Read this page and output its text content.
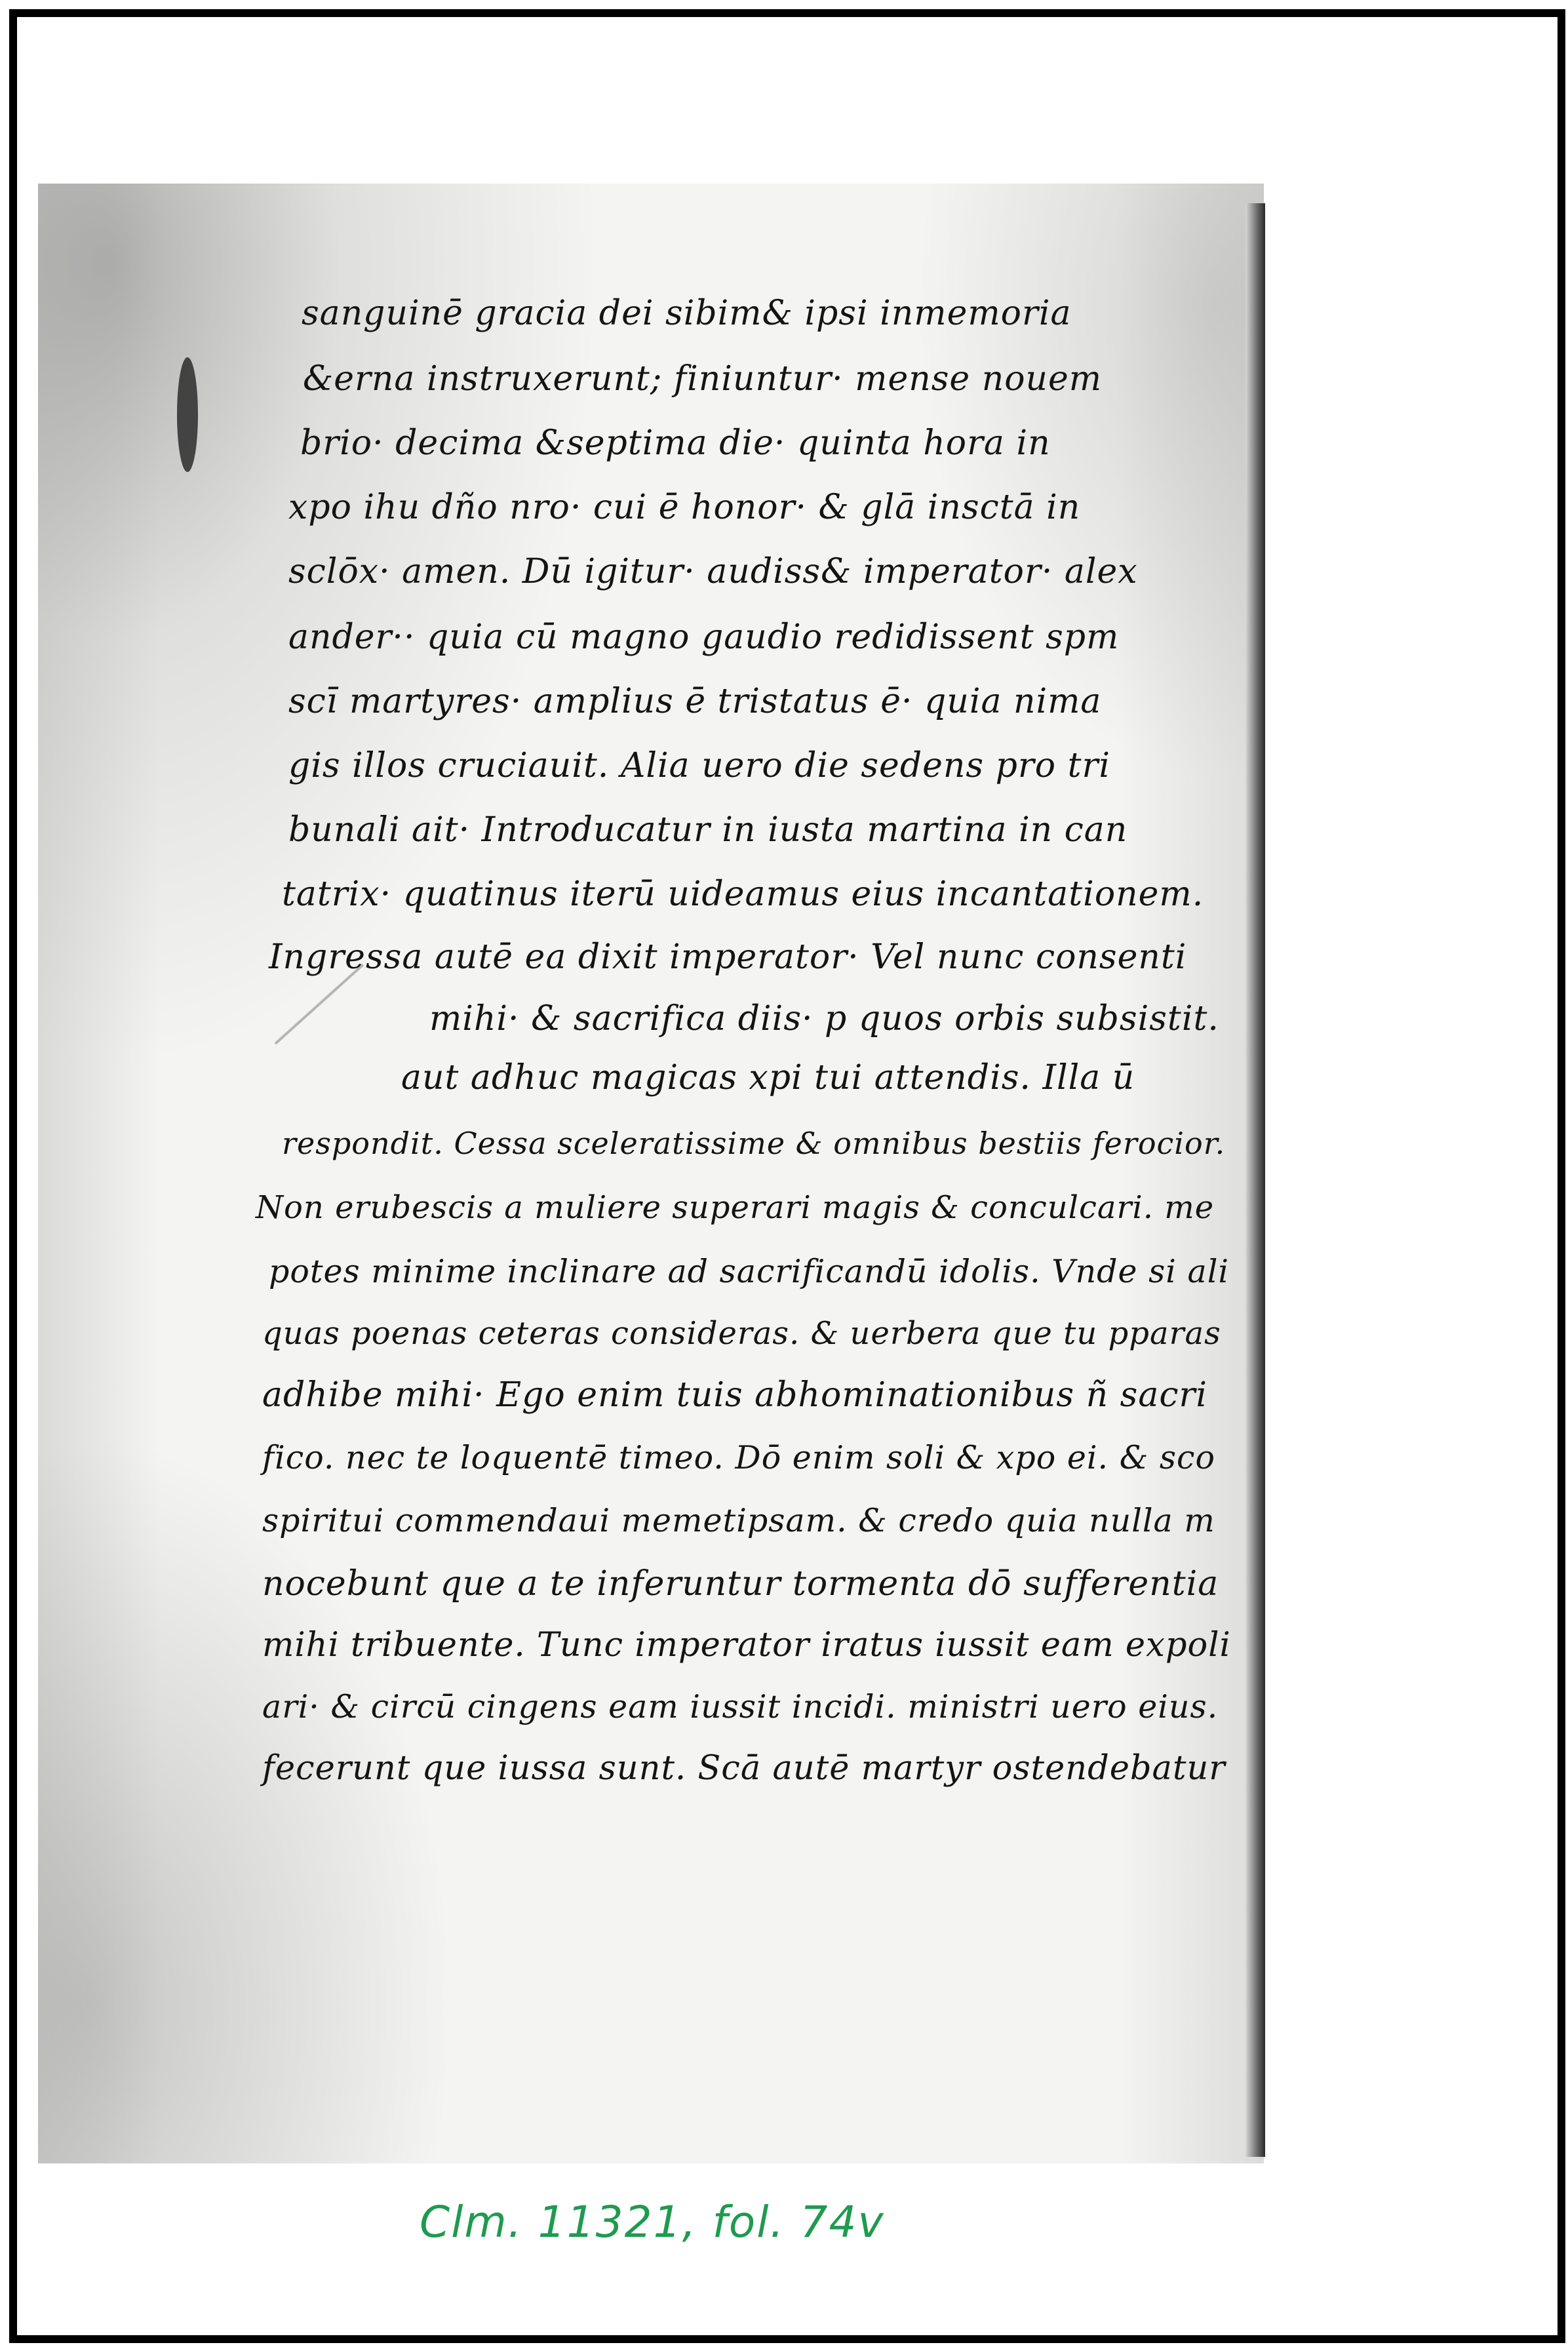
sanguinē gracia dei sibim& ipsi inmemoria
&erna instruxerunt; finiuntur· mense nouem
brio· decima &septima die· quinta hora in
xpo ihu dño nro· cui ē honor· & glā insctā in
sclōx· amen. Dū igitur· audiss& imperator· alex
ander·· quia cū magno gaudio redidissent spm
scī martyres· amplius ē tristatus ē· quia nima
gis illos cruciauit. Alia uero die sedens pro tri
bunali ait· Introducatur in iusta martina in can
tatrix· quatinus iterū uideamus eius incantationem.
Ingressa autē ea dixit imperator· Vel nunc consenti
mihi· & sacrifica diis· p quos orbis subsistit.
aut adhuc magicas xpi tui attendis. Illa ū
respondit. Cessa sceleratissime & omnibus bestiis ferocior.
Non erubescis a muliere superari magis & conculcari. me
potes minime inclinare ad sacrificandū idolis. Vnde si ali
quas poenas ceteras consideras. & uerbera que tu pparas
adhibe mihi· Ego enim tuis abhominationibus ñ sacri
fico. nec te loquentē timeo. Dō enim soli & xpo ei. & sco
spiritui commendaui memetipsam. & credo quia nulla m
nocebunt que a te inferuntur tormenta dō sufferentia
mihi tribuente. Tunc imperator iratus iussit eam expoli
ari· & circū cingens eam iussit incidi. ministri uero eius.
fecerunt que iussa sunt. Scā autē martyr ostendebatur
Clm. 11321, fol. 74v
